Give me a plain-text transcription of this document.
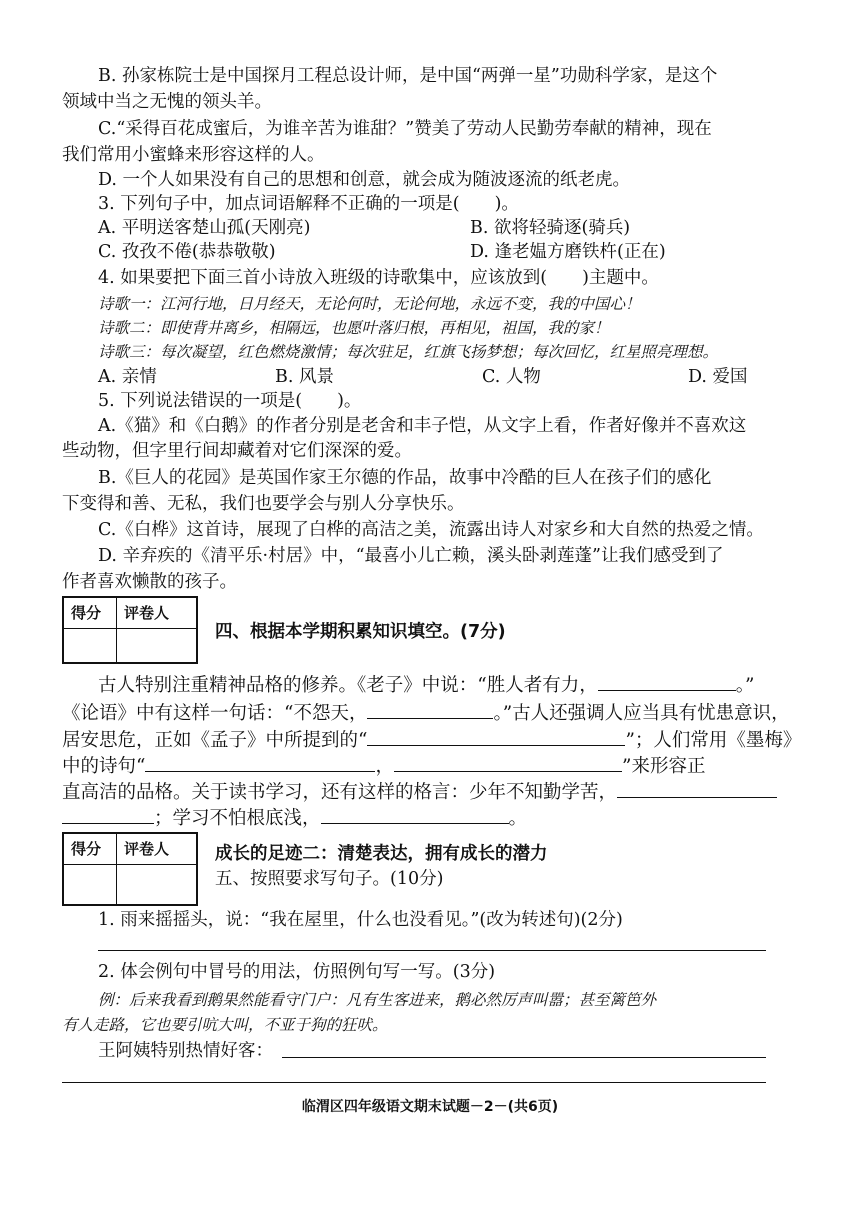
B. 孙家栋院士是中国探月工程总设计师，是中国“两弹一星”功勋科学家，是这个
领域中当之无愧的领头羊。
C.“采得百花成蜜后，为谁辛苦为谁甜？”赞美了劳动人民勤劳奉献的精神，现在
我们常用小蜜蜂来形容这样的人。
D. 一个人如果没有自己的思想和创意，就会成为随波逐流的纸老虎。
3. 下列句子中，加点词语解释不正确的一项是(　　)。
A. 平明送客楚山孤(天刚亮)	B. 欲将轻骑逐(骑兵)
C. 孜孜不倦(恭恭敬敬)	D. 逢老媪方磨铁杵(正在)
4. 如果要把下面三首小诗放入班级的诗歌集中，应该放到(　　)主题中。
诗歌一：江河行地，日月经天，无论何时，无论何地，永远不变，我的中国心！
诗歌二：即使背井离乡，相隔远，也愿叶落归根，再相见，祖国，我的家！
诗歌三：每次凝望，红色燃烧激情；每次驻足，红旗飞扬梦想；每次回忆，红星照亮理想。
A. 亲情	B. 风景	C. 人物	D. 爱国
5. 下列说法错误的一项是(　　)。
A.《猫》和《白鹅》的作者分别是老舍和丰子恺，从文字上看，作者好像并不喜欢这
些动物，但字里行间却藏着对它们深深的爱。
B.《巨人的花园》是英国作家王尔德的作品，故事中冷酷的巨人在孩子们的感化
下变得和善、无私，我们也要学会与别人分享快乐。
C.《白桦》这首诗，展现了白桦的高洁之美，流露出诗人对家乡和大自然的热爱之情。
D. 辛弃疾的《清平乐·村居》中，“最喜小儿亡赖，溪头卧剥莲蓬”让我们感受到了
作者喜欢懒散的孩子。
得分 评卷人
四、根据本学期积累知识填空。(7分)
古人特别注重精神品格的修养。《老子》中说：“胜人者有力，	。”
《论语》中有这样一句话：“不怨天，	。”古人还强调人应当具有忧患意识，
居安思危，正如《孟子》中所提到的“	”；人们常用《墨梅》
中的诗句“	，	”来形容正
直高洁的品格。关于读书学习，还有这样的格言：少年不知勤学苦，
；学习不怕根底浅，	。
得分 评卷人	成长的足迹二：清楚表达，拥有成长的潜力
五、按照要求写句子。(10分)
1. 雨来摇摇头，说：“我在屋里，什么也没看见。”(改为转述句)(2分)
2. 体会例句中冒号的用法，仿照例句写一写。(3分)
例：后来我看到鹅果然能看守门户：凡有生客进来，鹅必然厉声叫嚣；甚至篱笆外
有人走路，它也要引吭大叫，不亚于狗的狂吠。
王阿姨特别热情好客：
临渭区四年级语文期末试题－2－(共6页)
